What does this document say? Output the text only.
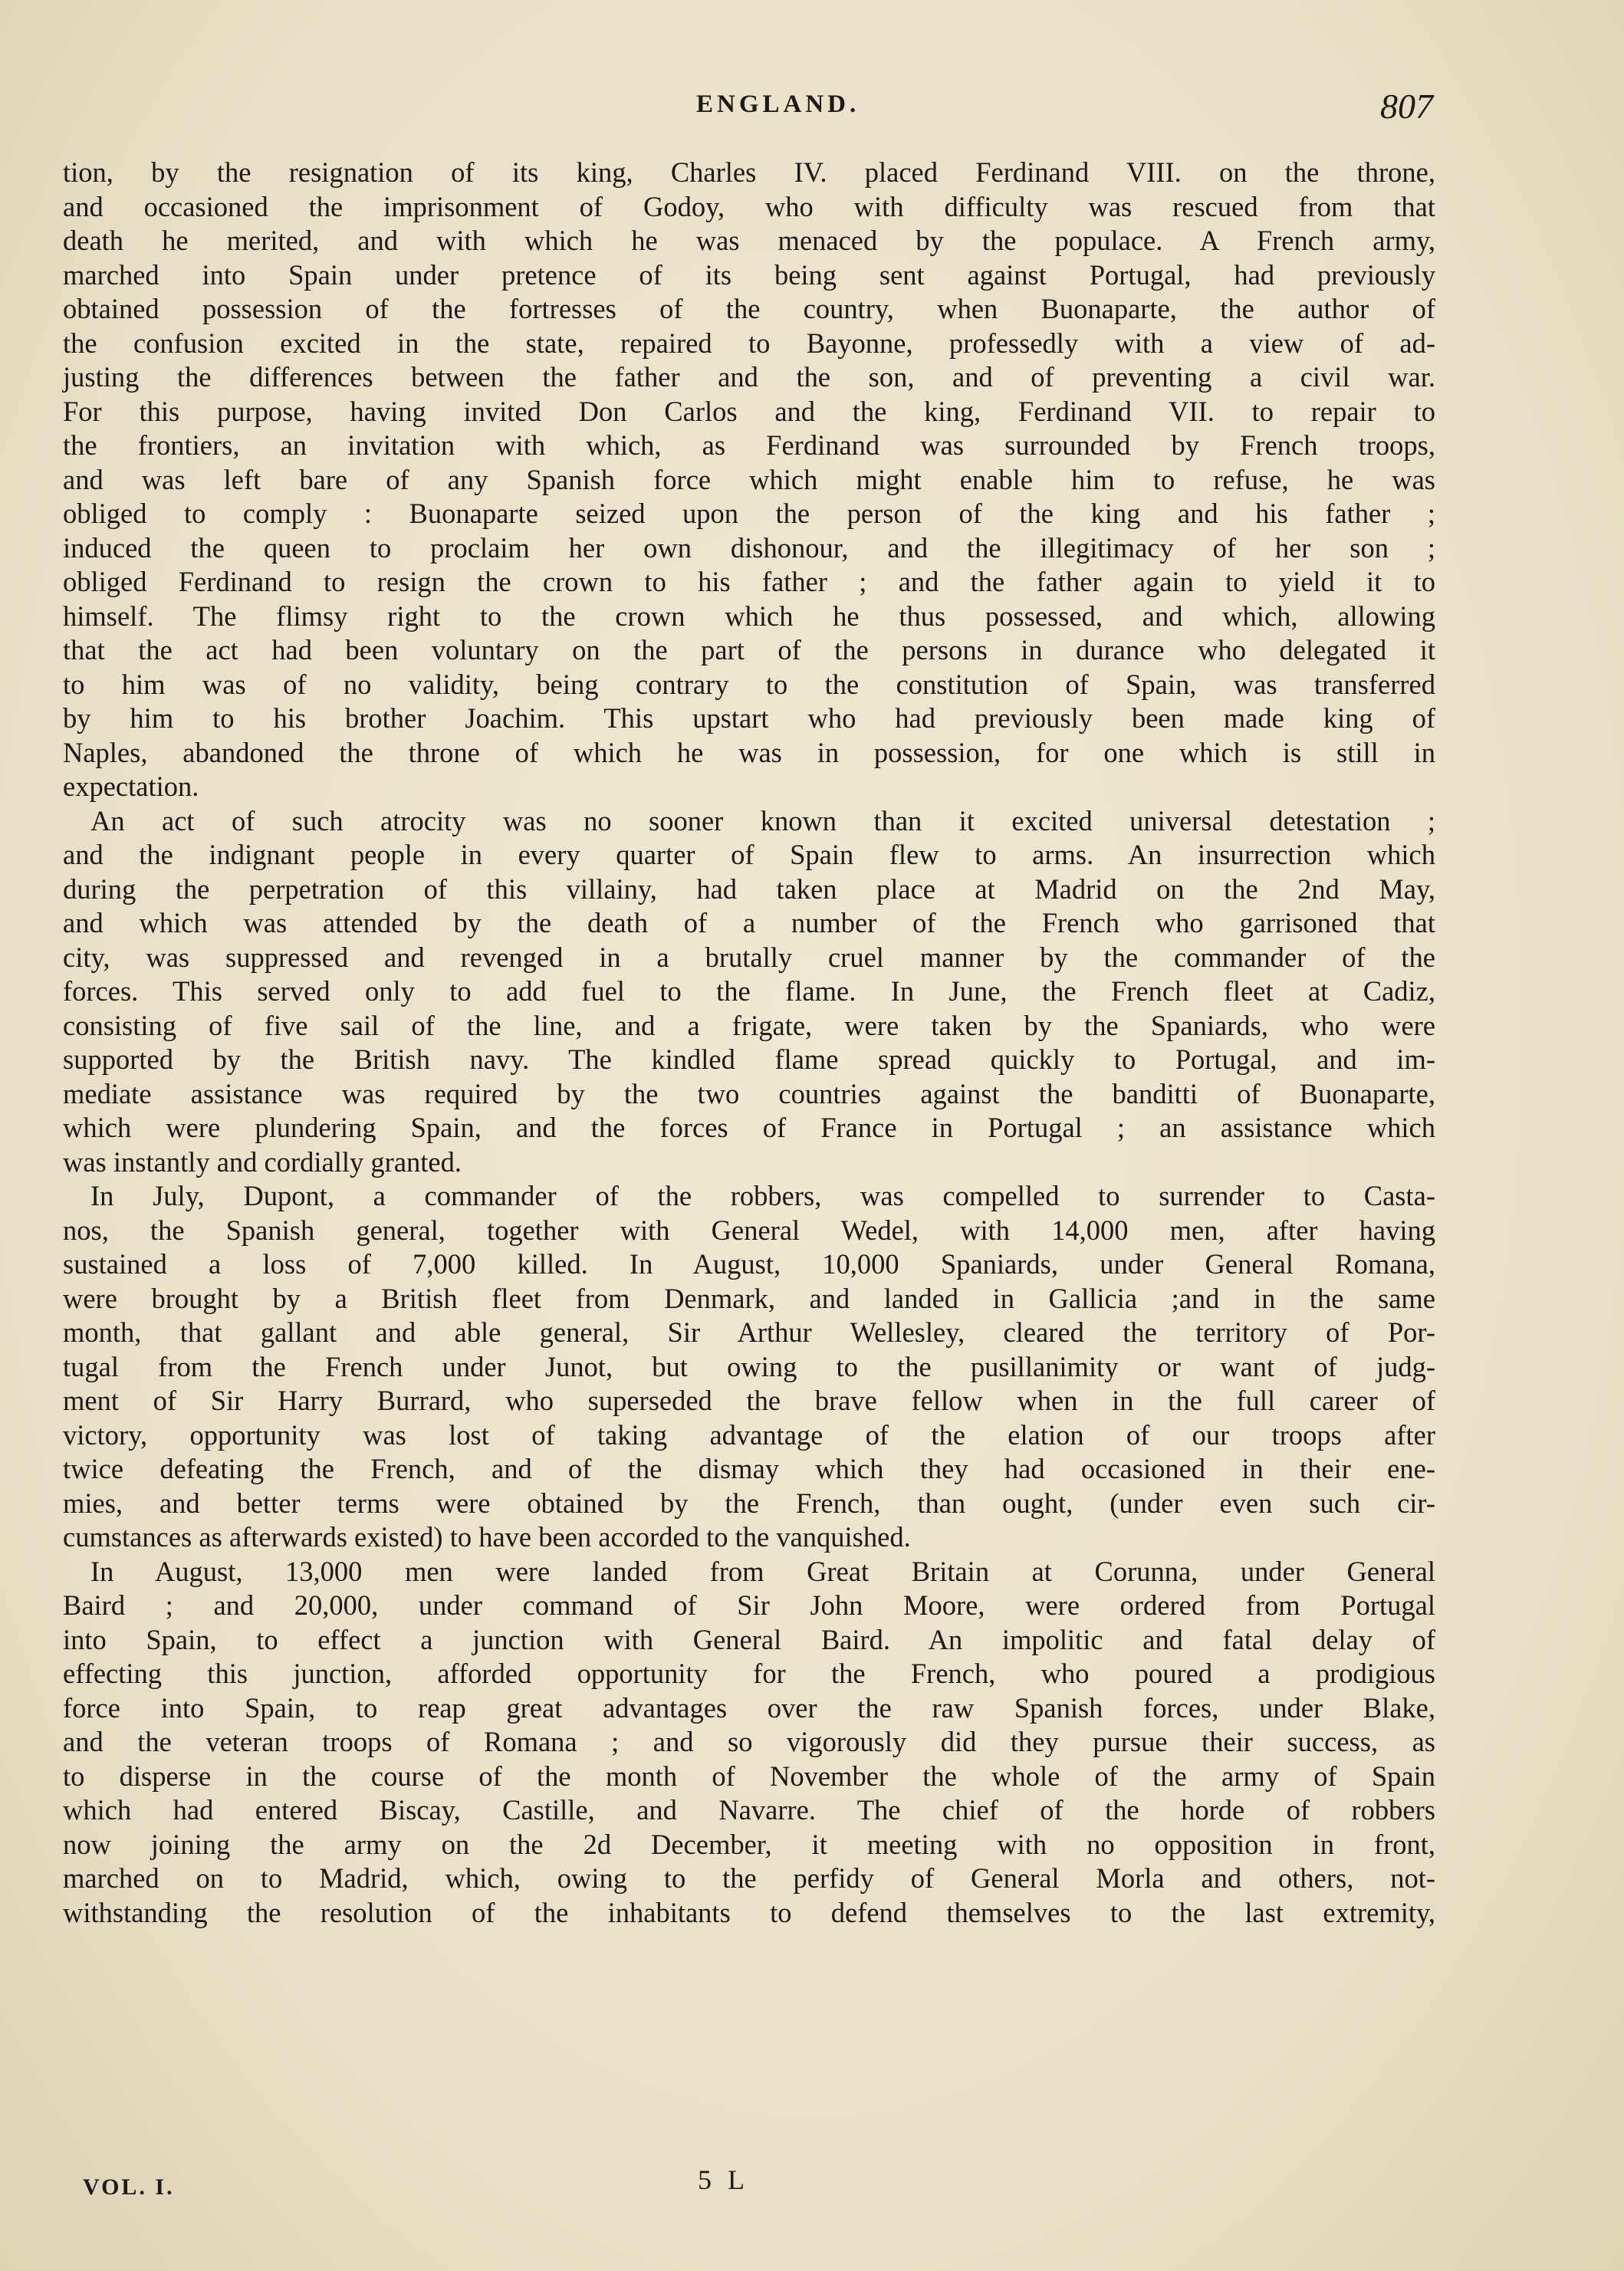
ENGLAND.	807
tion, by the resignation of its king, Charles IV. placed Ferdinand VIII. on the throne,
and occasioned the imprisonment of Godoy, who with difficulty was rescued from that
death he merited, and with which he was menaced by the populace. A French army,
marched into Spain under pretence of its being sent against Portugal, had previously
obtained possession of the fortresses of the country, when Buonaparte, the author of
the confusion excited in the state, repaired to Bayonne, professedly with a view of ad-
justing the differences between the father and the son, and of preventing a civil war.
For this purpose, having invited Don Carlos and the king, Ferdinand VII. to repair to
the frontiers, an invitation with which, as Ferdinand was surrounded by French troops,
and was left bare of any Spanish force which might enable him to refuse, he was
obliged to comply : Buonaparte seized upon the person of the king and his father ;
induced the queen to proclaim her own dishonour, and the illegitimacy of her son ;
obliged Ferdinand to resign the crown to his father ; and the father again to yield it to
himself. The flimsy right to the crown which he thus possessed, and which, allowing
that the act had been voluntary on the part of the persons in durance who delegated it
to him was of no validity, being contrary to the constitution of Spain, was transferred
by him to his brother Joachim. This upstart who had previously been made king of
Naples, abandoned the throne of which he was in possession, for one which is still in
expectation.
An act of such atrocity was no sooner known than it excited universal detestation ;
and the indignant people in every quarter of Spain flew to arms. An insurrection which
during the perpetration of this villainy, had taken place at Madrid on the 2nd May,
and which was attended by the death of a number of the French who garrisoned that
city, was suppressed and revenged in a brutally cruel manner by the commander of the
forces. This served only to add fuel to the flame. In June, the French fleet at Cadiz,
consisting of five sail of the line, and a frigate, were taken by the Spaniards, who were
supported by the British navy. The kindled flame spread quickly to Portugal, and im-
mediate assistance was required by the two countries against the banditti of Buonaparte,
which were plundering Spain, and the forces of France in Portugal ; an assistance which
was instantly and cordially granted.
In July, Dupont, a commander of the robbers, was compelled to surrender to Casta-
nos, the Spanish general, together with General Wedel, with 14,000 men, after having
sustained a loss of 7,000 killed. In August, 10,000 Spaniards, under General Romana,
were brought by a British fleet from Denmark, and landed in Gallicia ;and in the same
month, that gallant and able general, Sir Arthur Wellesley, cleared the territory of Por-
tugal from the French under Junot, but owing to the pusillanimity or want of judg-
ment of Sir Harry Burrard, who superseded the brave fellow when in the full career of
victory, opportunity was lost of taking advantage of the elation of our troops after
twice defeating the French, and of the dismay which they had occasioned in their ene-
mies, and better terms were obtained by the French, than ought, (under even such cir-
cumstances as afterwards existed) to have been accorded to the vanquished.
In August, 13,000 men were landed from Great Britain at Corunna, under General
Baird ; and 20,000, under command of Sir John Moore, were ordered from Portugal
into Spain, to effect a junction with General Baird. An impolitic and fatal delay of
effecting this junction, afforded opportunity for the French, who poured a prodigious
force into Spain, to reap great advantages over the raw Spanish forces, under Blake,
and the veteran troops of Romana ; and so vigorously did they pursue their success, as
to disperse in the course of the month of November the whole of the army of Spain
which had entered Biscay, Castille, and Navarre. The chief of the horde of robbers
now joining the army on the 2d December, it meeting with no opposition in front,
marched on to Madrid, which, owing to the perfidy of General Morla and others, not-
withstanding the resolution of the inhabitants to defend themselves to the last extremity,
VOL. I.	5 L
